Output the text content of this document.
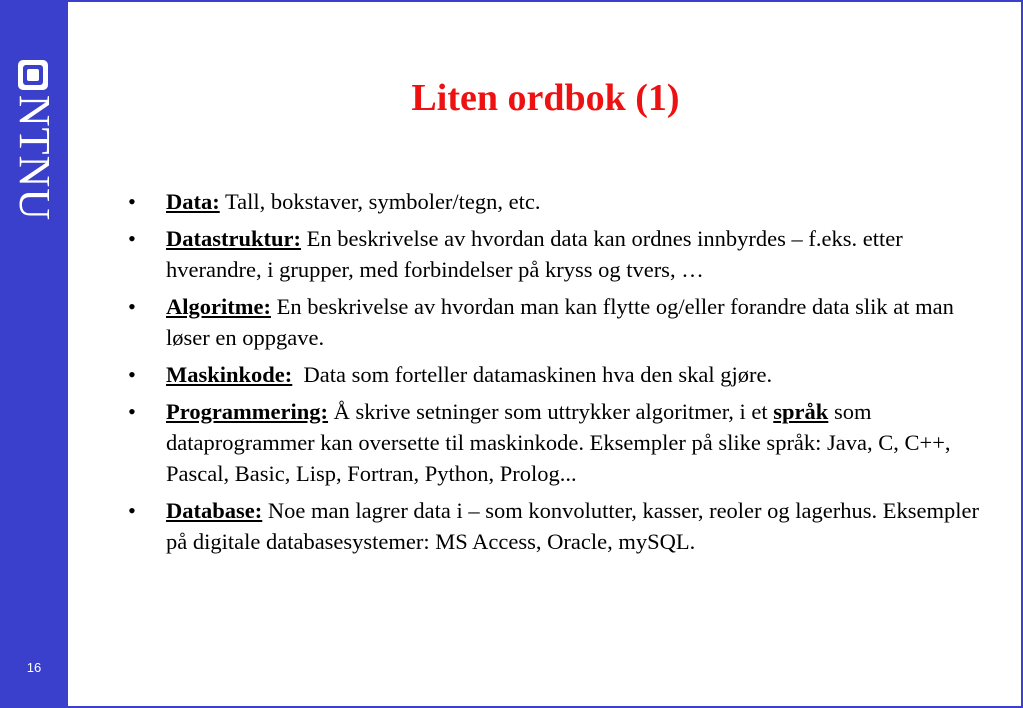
NTNU
16
Liten ordbok (1)
• Data: Tall, bokstaver, symboler/tegn, etc.
• Datastruktur: En beskrivelse av hvordan data kan ordnes innbyrdes – f.eks. etter hverandre, i grupper, med forbindelser på kryss og tvers, …
• Algoritme: En beskrivelse av hvordan man kan flytte og/eller forandre data slik at man løser en oppgave.
• Maskinkode:  Data som forteller datamaskinen hva den skal gjøre.
• Programmering: Å skrive setninger som uttrykker algoritmer, i et språk som dataprogrammer kan oversette til maskinkode. Eksempler på slike språk: Java, C, C++, Pascal, Basic, Lisp, Fortran, Python, Prolog...
• Database: Noe man lagrer data i – som konvolutter, kasser, reoler og lagerhus. Eksempler på digitale databasesystemer: MS Access, Oracle, mySQL.
